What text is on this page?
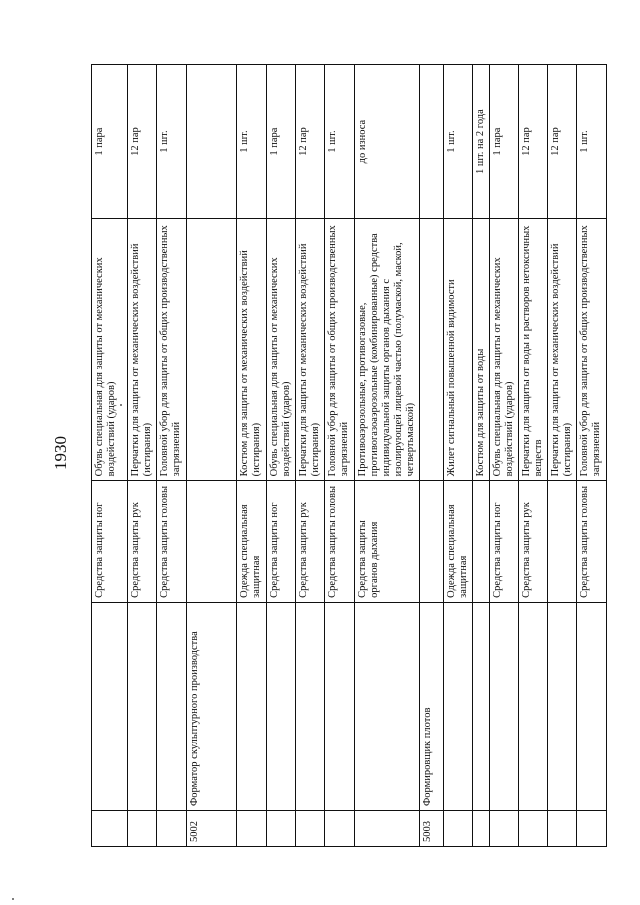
1930
		Средства защиты ног	Обувь специальная для защиты от механических воздействий (ударов)	1 пара
		Средства защиты рук	Перчатки для защиты от механических воздействий (истирания)	12 пар
		Средства защиты головы	Головной убор для защиты от общих производственных загрязнений	1 шт.
5002	Форматор скульптурного производства			
		Одежда специальная защитная	Костюм для защиты от механических воздействий (истирания)	1 шт.
		Средства защиты ног	Обувь специальная для защиты от механических воздействий (ударов)	1 пара
		Средства защиты рук	Перчатки для защиты от механических воздействий (истирания)	12 пар
		Средства защиты головы	Головной убор для защиты от общих производственных загрязнений	1 шт.
		Средства защиты органов дыхания	Противоаэрозольные, противогазовые, противогазоаэрозольные (комбинированные) средства индивидуальной защиты органов дыхания с изолирующей лицевой частью (полумаской, маской, четвертьмаской)	до износа
5003	Формировщик плотов			
		Одежда специальная защитная	Жилет сигнальный повышенной видимости	1 шт.
			Костюм для защиты от воды	1 шт. на 2 года
		Средства защиты ног	Обувь специальная для защиты от механических воздействий (ударов)	1 пара
		Средства защиты рук	Перчатки для защиты от воды и растворов нетоксичных веществ	12 пар
			Перчатки для защиты от механических воздействий (истирания)	12 пар
		Средства защиты головы	Головной убор для защиты от общих производственных загрязнений	1 шт.
